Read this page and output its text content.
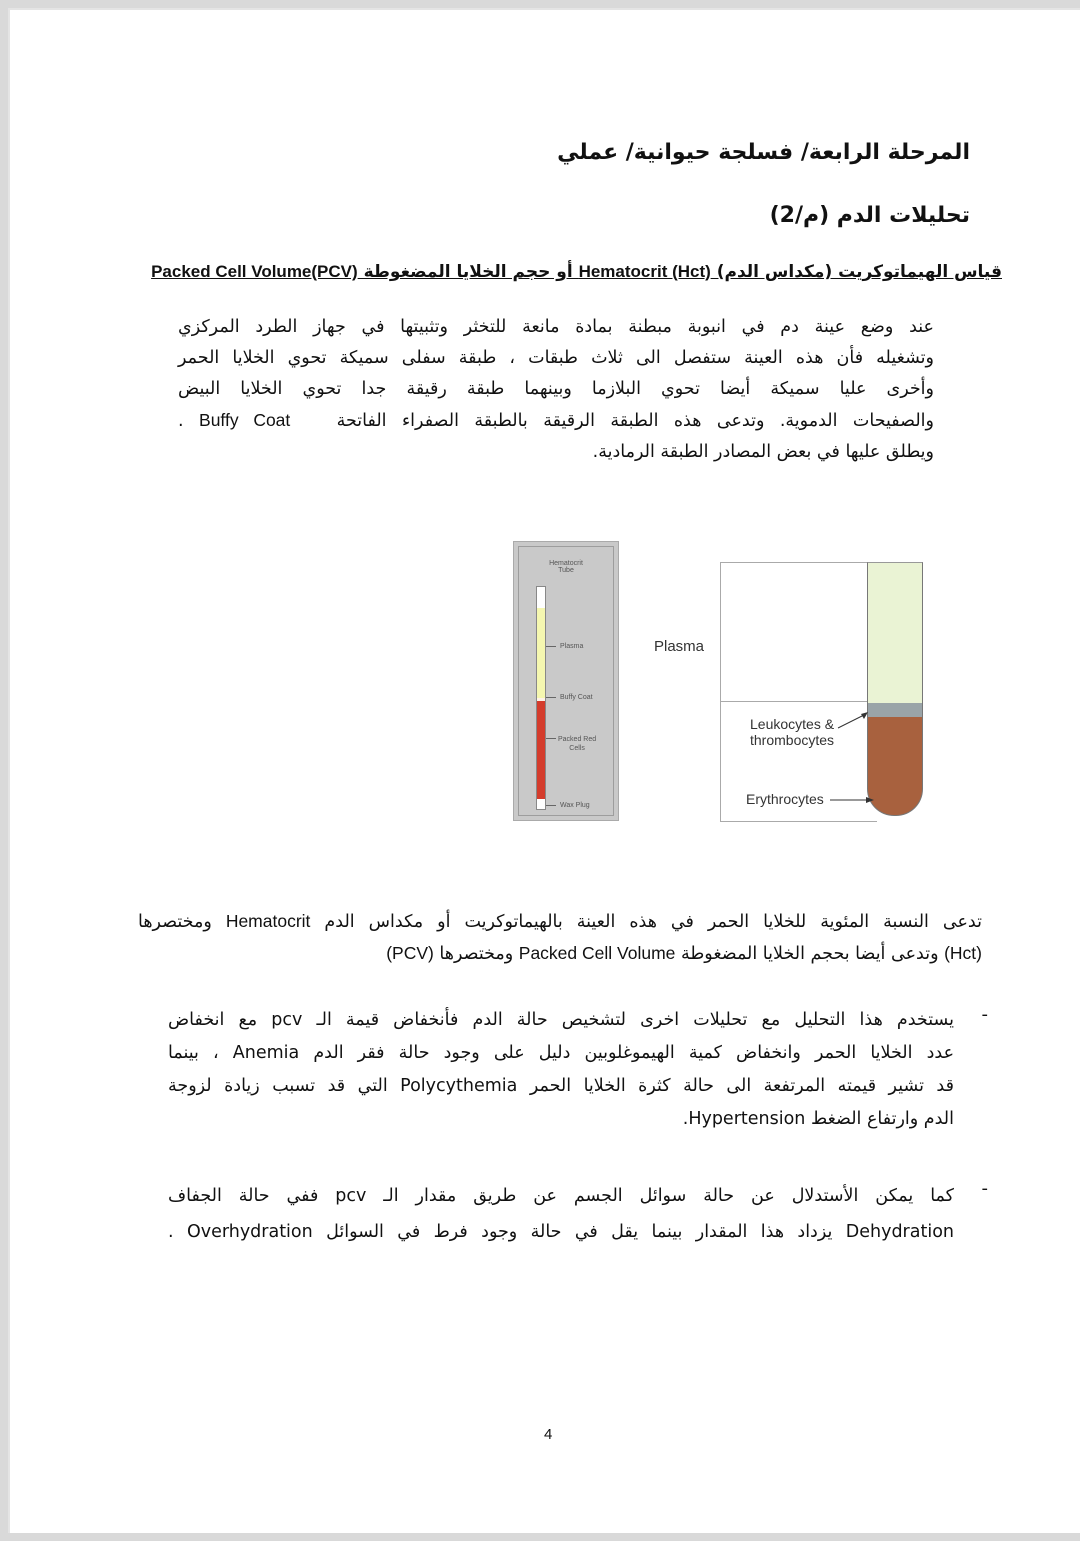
المرحلة الرابعة/ فسلجة حيوانية/ عملي
تحليلات الدم (م/2)
قياس الهيماتوكريت (مكداس الدم) Hematocrit (Hct) أو حجم الخلايا المضغوطة Packed Cell Volume(PCV)
عند وضع عينة دم في انبوبة مبطنة بمادة مانعة للتخثر وتثبيتها في جهاز الطرد المركزي
وتشغيله فأن هذه العينة ستفصل الى ثلاث طبقات ، طبقة سفلى سميكة تحوي الخلايا الحمر
وأخرى عليا سميكة أيضا تحوي البلازما وبينهما طبقة رقيقة جدا تحوي الخلايا البيض
والصفيحات الدموية. وتدعى هذه الطبقة الرقيقة بالطبقة الصفراء الفاتحة   Buffy Coat .
ويطلق عليها في بعض المصادر الطبقة الرمادية.
Hematocrit
Tube
Plasma
Buffy Coat
Packed Red
Cells
Wax Plug
Plasma
Leukocytes &
thrombocytes
Erythrocytes
تدعى النسبة المئوية للخلايا الحمر في هذه العينة بالهيماتوكريت أو مكداس الدم Hematocrit ومختصرها
(Hct) وتدعى أيضا بحجم الخلايا المضغوطة Packed Cell Volume ومختصرها (PCV)
-
يستخدم هذا التحليل مع تحليلات اخرى لتشخيص حالة الدم فأنخفاض قيمة الـ pcv مع انخفاض
عدد الخلايا الحمر وانخفاض كمية الهيموغلوبين دليل على وجود حالة فقر الدم Anemia ، بينما
قد تشير قيمته المرتفعة الى حالة كثرة الخلايا الحمر Polycythemia التي قد تسبب زيادة لزوجة
الدم وارتفاع الضغط Hypertension.
-
كما يمكن الأستدلال عن حالة سوائل الجسم عن طريق مقدار الـ pcv ففي حالة الجفاف
Dehydration يزداد هذا المقدار بينما يقل في حالة وجود فرط في السوائل Overhydration .
4
